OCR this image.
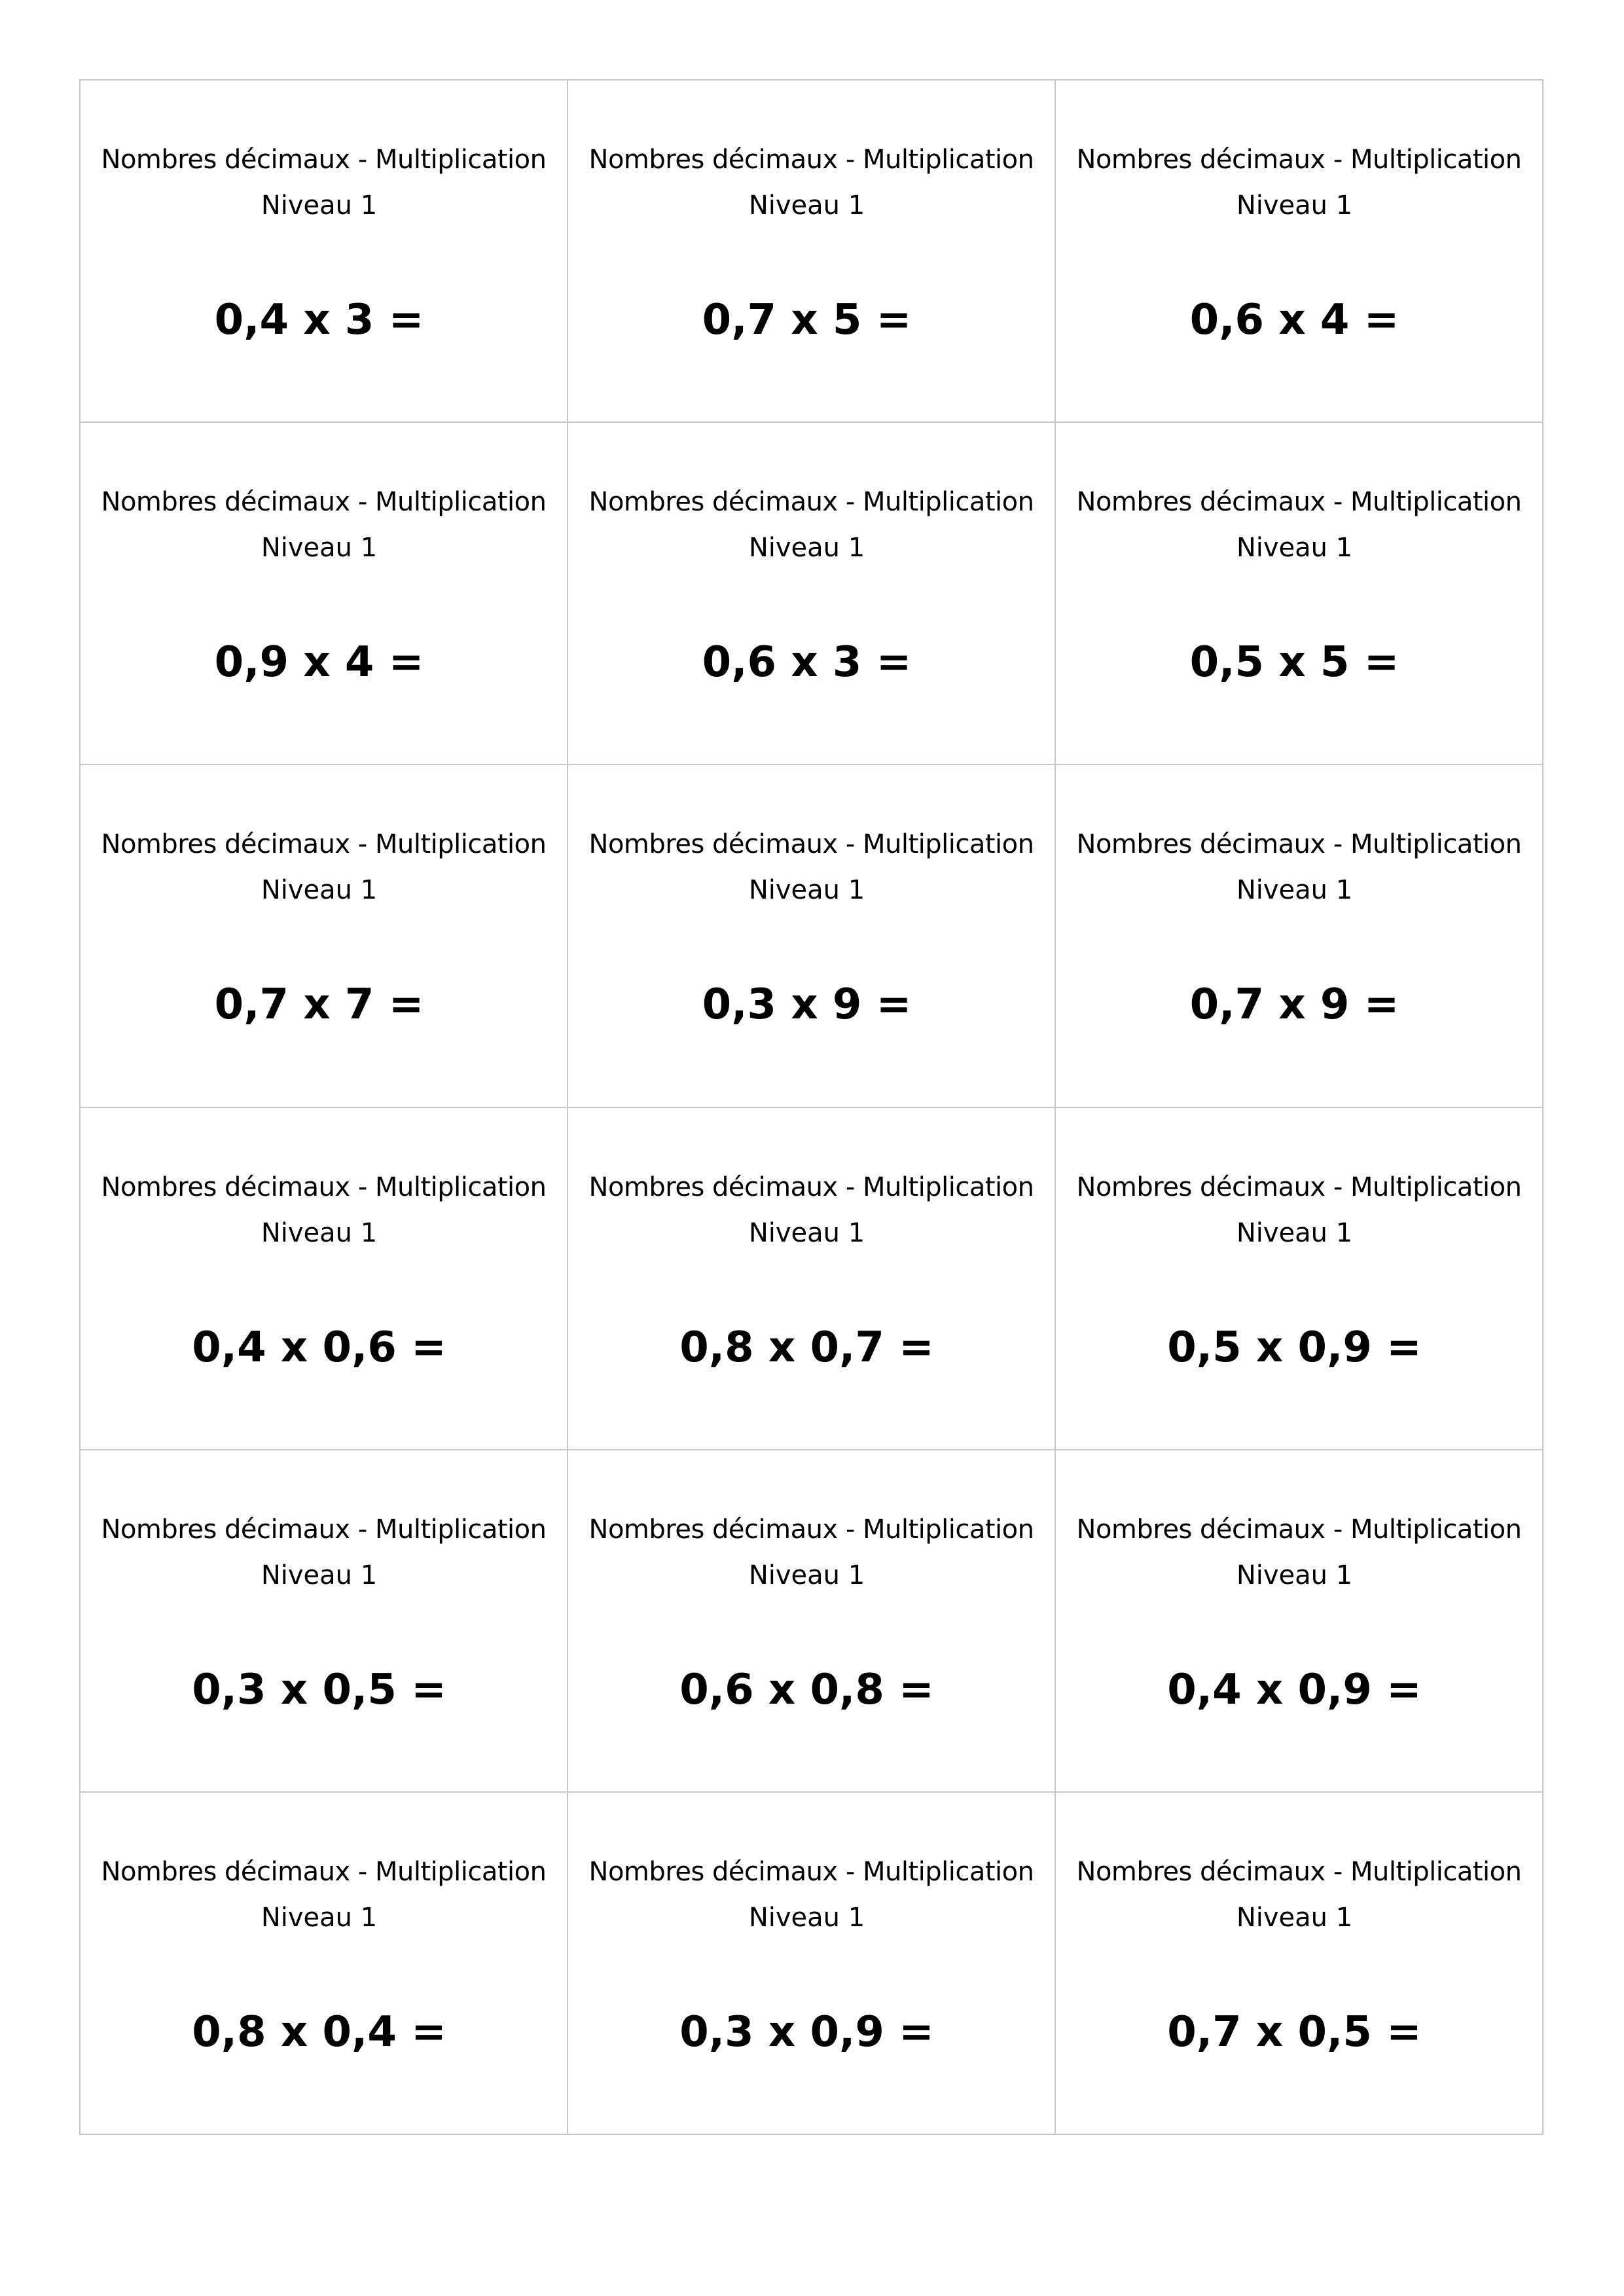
Nombres décimaux - Multiplication
Niveau 1
0,4 x 3 =
Nombres décimaux - Multiplication
Niveau 1
0,7 x 5 =
Nombres décimaux - Multiplication
Niveau 1
0,6 x 4 =
Nombres décimaux - Multiplication
Niveau 1
0,9 x 4 =
Nombres décimaux - Multiplication
Niveau 1
0,6 x 3 =
Nombres décimaux - Multiplication
Niveau 1
0,5 x 5 =
Nombres décimaux - Multiplication
Niveau 1
0,7 x 7 =
Nombres décimaux - Multiplication
Niveau 1
0,3 x 9 =
Nombres décimaux - Multiplication
Niveau 1
0,7 x 9 =
Nombres décimaux - Multiplication
Niveau 1
0,4 x 0,6 =
Nombres décimaux - Multiplication
Niveau 1
0,8 x 0,7 =
Nombres décimaux - Multiplication
Niveau 1
0,5 x 0,9 =
Nombres décimaux - Multiplication
Niveau 1
0,3 x 0,5 =
Nombres décimaux - Multiplication
Niveau 1
0,6 x 0,8 =
Nombres décimaux - Multiplication
Niveau 1
0,4 x 0,9 =
Nombres décimaux - Multiplication
Niveau 1
0,8 x 0,4 =
Nombres décimaux - Multiplication
Niveau 1
0,3 x 0,9 =
Nombres décimaux - Multiplication
Niveau 1
0,7 x 0,5 =
